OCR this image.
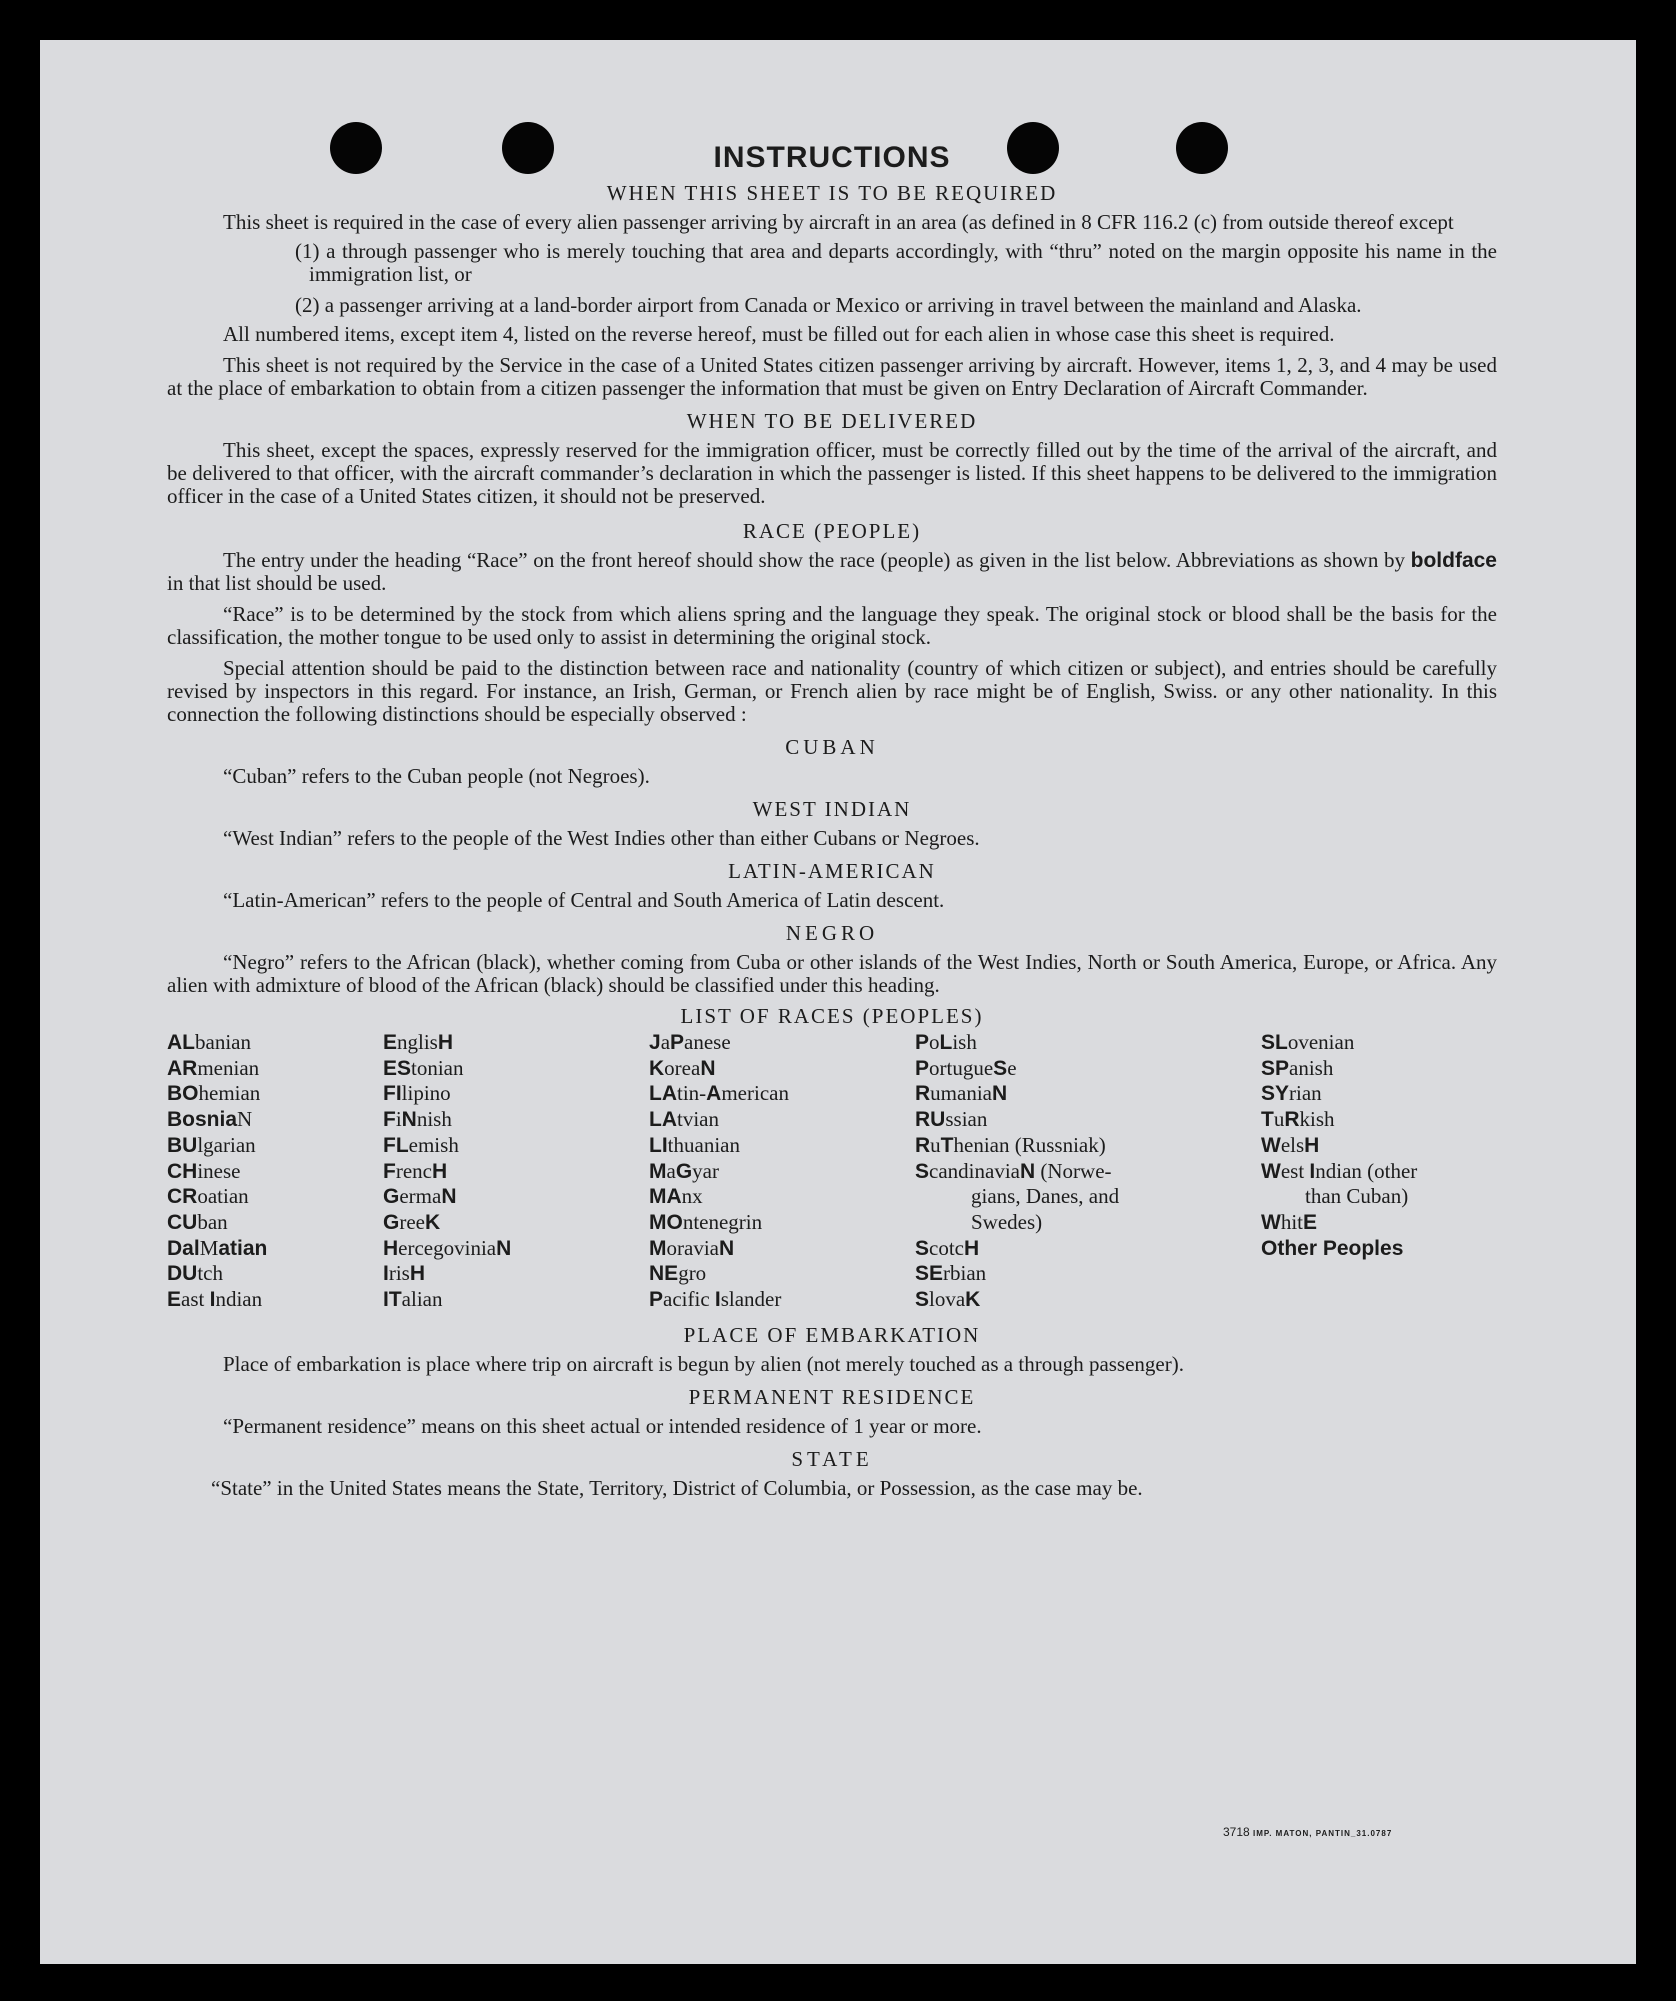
INSTRUCTIONS
WHEN THIS SHEET IS TO BE REQUIRED

This sheet is required in the case of every alien passenger arriving by aircraft in an area (as defined in 8 CFR 116.2 (c) from outside thereof except

(1) a through passenger who is merely touching that area and departs accordingly, with “thru” noted on the margin opposite his name in the immigration list, or
(2) a passenger arriving at a land-border airport from Canada or Mexico or arriving in travel between the mainland and Alaska.

All numbered items, except item 4, listed on the reverse hereof, must be filled out for each alien in whose case this sheet is required.

This sheet is not required by the Service in the case of a United States citizen passenger arriving by aircraft. However, items 1, 2, 3, and 4 may be used at the place of embarkation to obtain from a citizen passenger the information that must be given on Entry Declaration of Aircraft Commander.

WHEN TO BE DELIVERED

This sheet, except the spaces, expressly reserved for the immigration officer, must be correctly filled out by the time of the arrival of the aircraft, and be delivered to that officer, with the aircraft commander’s declaration in which the passenger is listed. If this sheet happens to be delivered to the immigration officer in the case of a United States citizen, it should not be preserved.

RACE (PEOPLE)

The entry under the heading “Race” on the front hereof should show the race (people) as given in the list below. Abbreviations as shown by boldface in that list should be used.

“Race” is to be determined by the stock from which aliens spring and the language they speak. The original stock or blood shall be the basis for the classification, the mother tongue to be used only to assist in determining the original stock.

Special attention should be paid to the distinction between race and nationality (country of which citizen or subject), and entries should be carefully revised by inspectors in this regard. For instance, an Irish, German, or French alien by race might be of English, Swiss. or any other nationality. In this connection the following distinctions should be especially observed :

CUBAN

“Cuban” refers to the Cuban people (not Negroes).

WEST INDIAN

“West Indian” refers to the people of the West Indies other than either Cubans or Negroes.

LATIN-AMERICAN

“Latin-American” refers to the people of Central and South America of Latin descent.

NEGRO

“Negro” refers to the African (black), whether coming from Cuba or other islands of the West Indies, North or South America, Europe, or Africa. Any alien with admixture of blood of the African (black) should be classified under this heading.

LIST OF RACES (PEOPLES)
ALbanian
ARmenian
BOhemian
BosniaN
BUlgarian
CHinese
CRoatian
CUban
DalMatian
DUtch
East Indian
EnglisH
EStonian
FIlipino
FiNnish
FLemish
FrencH
GermaN
GreeK
HercegoviniaN
IrisH
ITalian
JaPanese
KoreaN
LAtin-American
LAtvian
LIthuanian
MaGyar
MAnx
MOntenegrin
MoraviaN
NEgro
Pacific Islander
PoLish
PortugueSe
RumaniaN
RUssian
RuThenian (Russniak)
ScandinaviaN (Norwe-
gians, Danes, and
Swedes)
ScotcH
SErbian
SlovaK
SLovenian
SPanish
SYrian
TuRkish
WelsH
West Indian (other
than Cuban)
WhitE
Other Peoples
PLACE OF EMBARKATION

Place of embarkation is place where trip on aircraft is begun by alien (not merely touched as a through passenger).

PERMANENT RESIDENCE

“Permanent residence” means on this sheet actual or intended residence of 1 year or more.

STATE

“State” in the United States means the State, Territory, District of Columbia, or Possession, as the case may be.

3718 IMP. MATON, PANTIN_31.0787
